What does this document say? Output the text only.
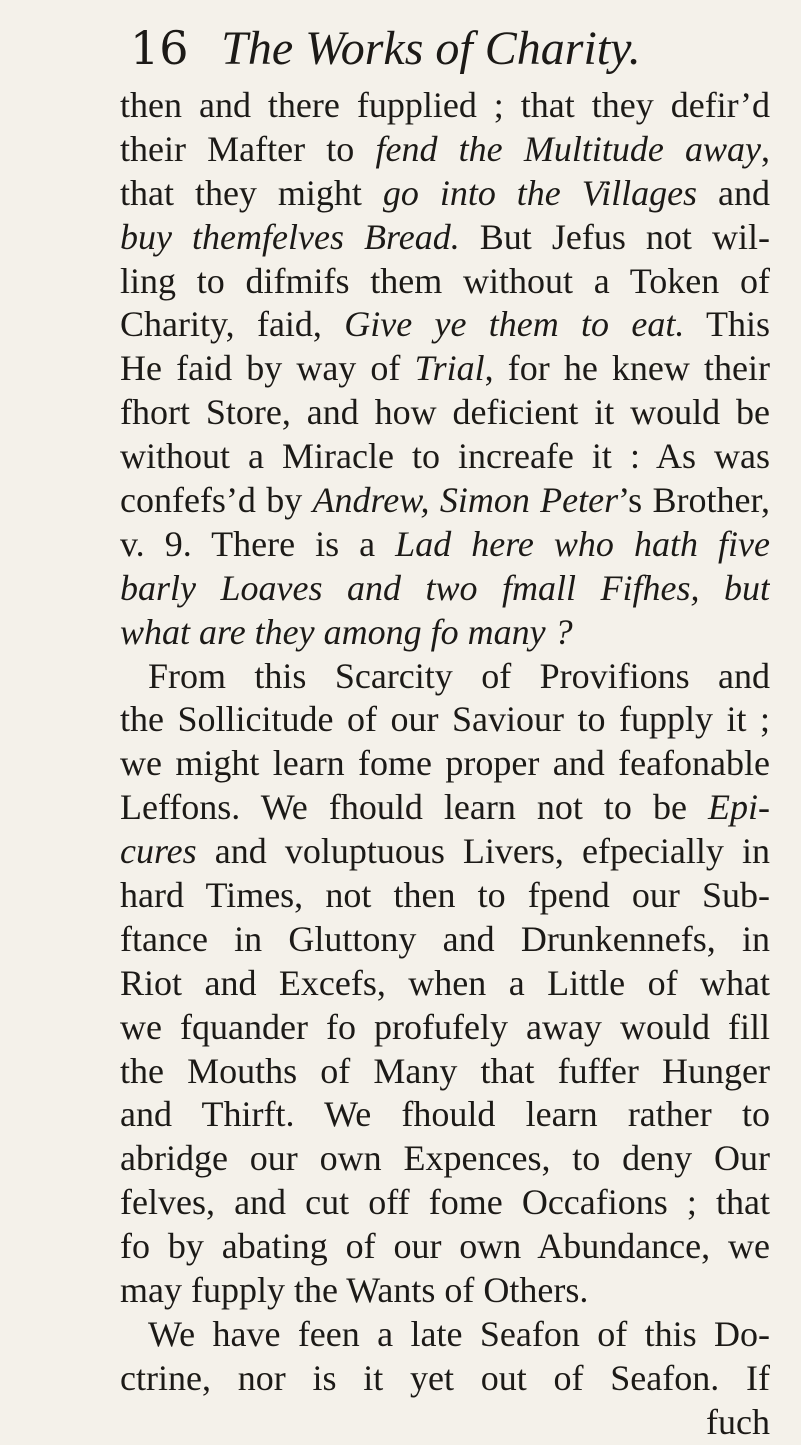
16 The Works of Charity.
then and there fupplied ; that they defir’d
their Mafter to fend the Multitude away,
that they might go into the Villages and
buy themfelves Bread. But Jefus not wil-
ling to difmifs them without a Token of
Charity, faid, Give ye them to eat. This
He faid by way of Trial, for he knew their
fhort Store, and how deficient it would be
without a Miracle to increafe it : As was
confefs’d by Andrew, Simon Peter’s Brother,
v. 9. There is a Lad here who hath five
barly Loaves and two fmall Fifhes, but
what are they among fo many ?
From this Scarcity of Provifions and
the Sollicitude of our Saviour to fupply it ;
we might learn fome proper and feafonable
Leffons. We fhould learn not to be Epi-
cures and voluptuous Livers, efpecially in
hard Times, not then to fpend our Sub-
ftance in Gluttony and Drunkennefs, in
Riot and Excefs, when a Little of what
we fquander fo profufely away would fill
the Mouths of Many that fuffer Hunger
and Thirft. We fhould learn rather to
abridge our own Expences, to deny Our
felves, and cut off fome Occafions ; that
fo by abating of our own Abundance, we
may fupply the Wants of Others.
We have feen a late Seafon of this Do-
ctrine, nor is it yet out of Seafon. If
fuch
